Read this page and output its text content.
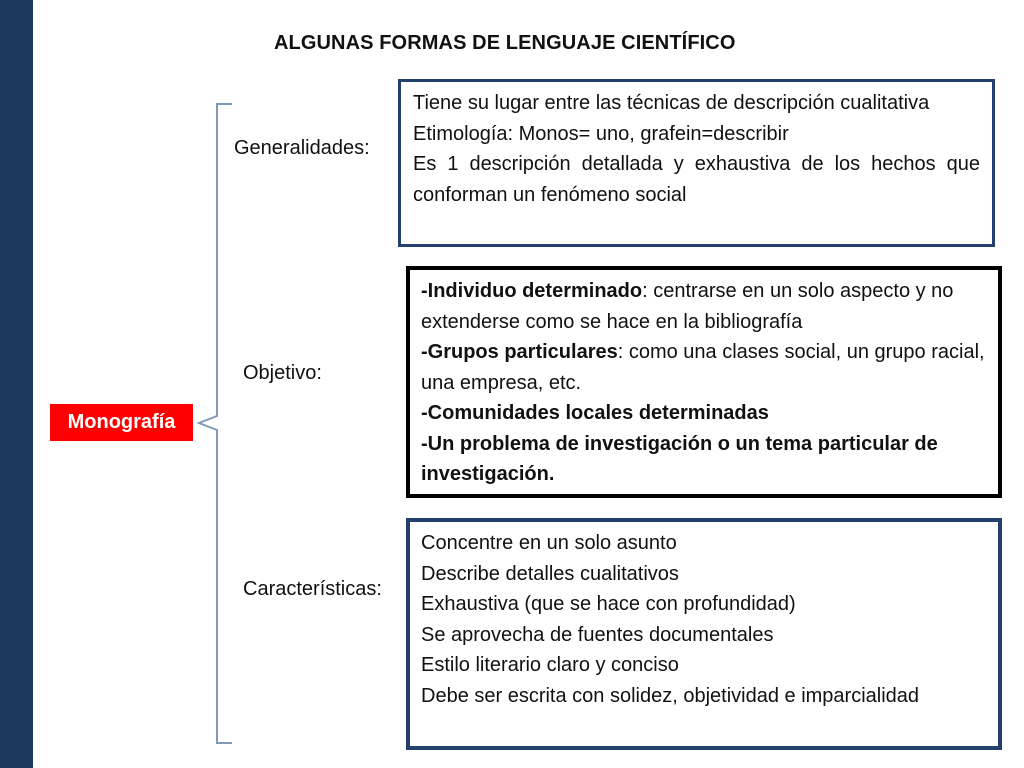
ALGUNAS FORMAS DE LENGUAJE CIENTÍFICO
Monografía
Generalidades:
Objetivo:
Características:
Tiene su lugar entre las técnicas de descripción cualitativa
Etimología: Monos= uno, grafein=describir
Es 1 descripción detallada y exhaustiva de los hechos que conforman un fenómeno social
-Individuo determinado: centrarse en un solo aspecto y no extenderse como se hace en la bibliografía
-Grupos particulares: como una clases social, un grupo racial, una empresa, etc.
-Comunidades locales determinadas
-Un problema de investigación o un tema particular de investigación.
Concentre en un solo asunto
Describe detalles cualitativos
Exhaustiva (que se hace con profundidad)
Se aprovecha de fuentes documentales
Estilo literario claro y conciso
Debe ser escrita con solidez, objetividad e imparcialidad
